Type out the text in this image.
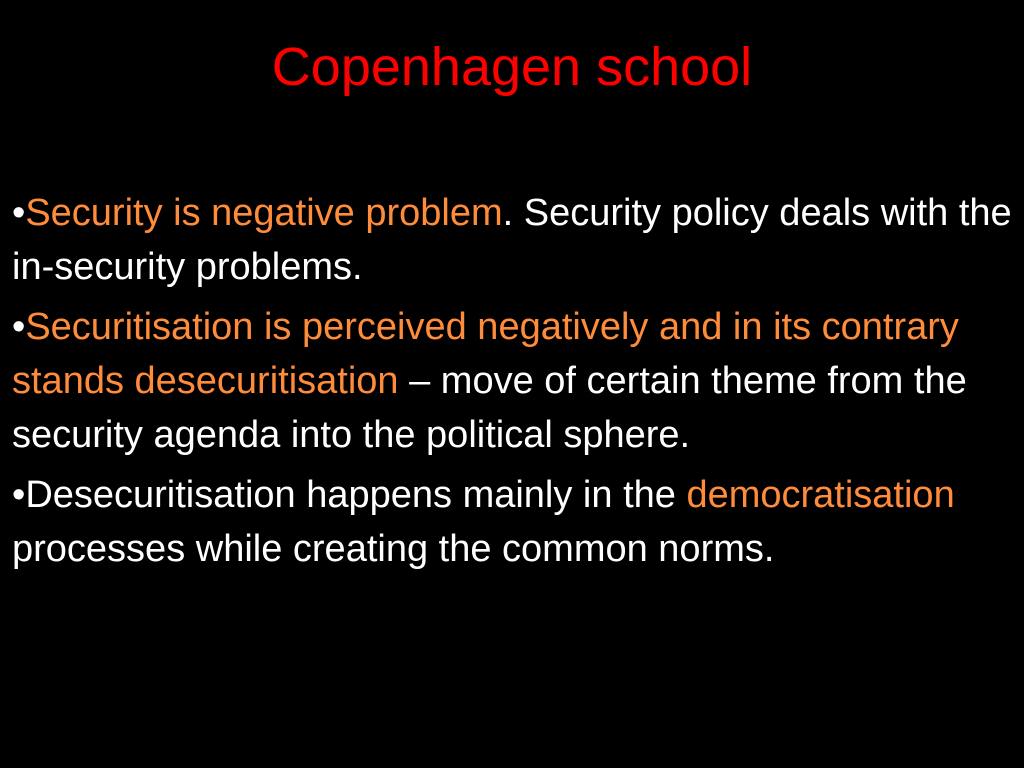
Copenhagen school
•Security is negative problem. Security policy deals with the in-security problems.
•Securitisation is perceived negatively and in its contrary stands desecuritisation – move of certain theme from the security agenda into the political sphere.
•Desecuritisation happens mainly in the democratisation processes while creating the common norms.
